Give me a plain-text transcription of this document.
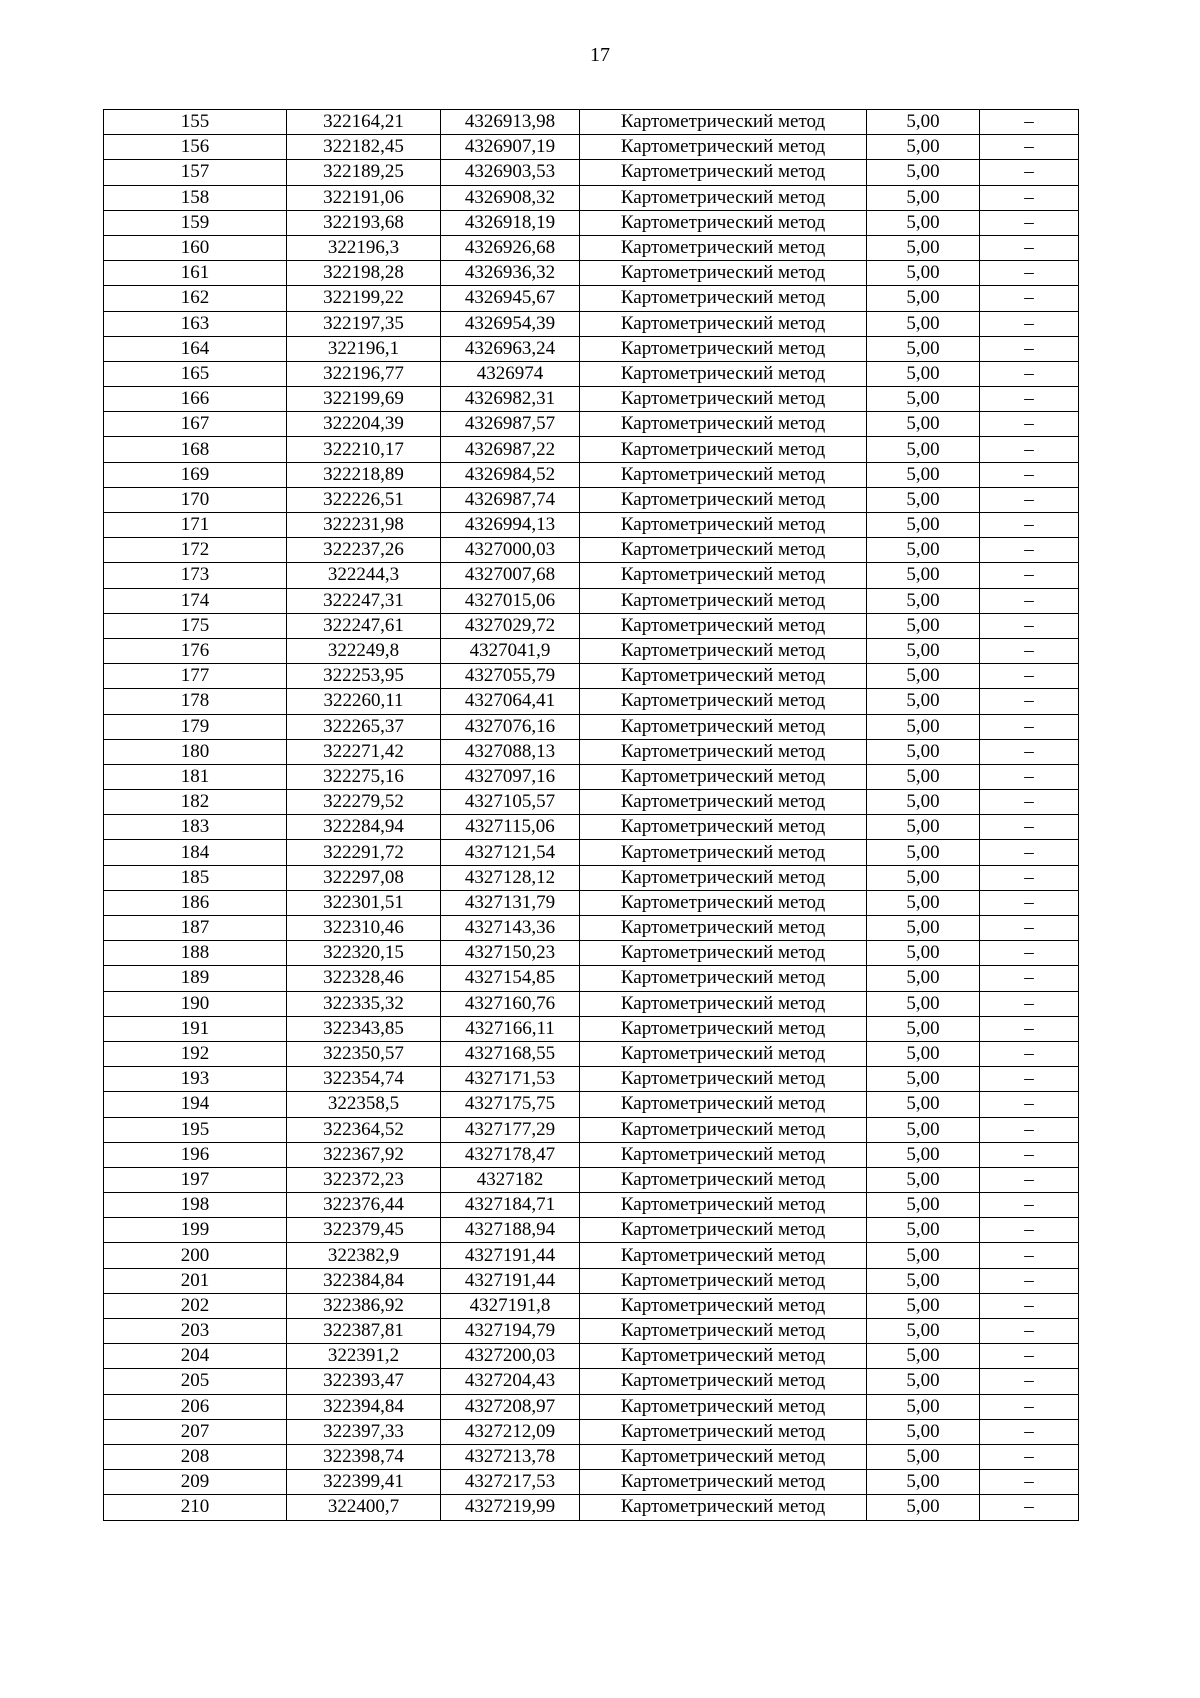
17
155	322164,21	4326913,98	Картометрический метод	5,00	–
156	322182,45	4326907,19	Картометрический метод	5,00	–
157	322189,25	4326903,53	Картометрический метод	5,00	–
158	322191,06	4326908,32	Картометрический метод	5,00	–
159	322193,68	4326918,19	Картометрический метод	5,00	–
160	322196,3	4326926,68	Картометрический метод	5,00	–
161	322198,28	4326936,32	Картометрический метод	5,00	–
162	322199,22	4326945,67	Картометрический метод	5,00	–
163	322197,35	4326954,39	Картометрический метод	5,00	–
164	322196,1	4326963,24	Картометрический метод	5,00	–
165	322196,77	4326974	Картометрический метод	5,00	–
166	322199,69	4326982,31	Картометрический метод	5,00	–
167	322204,39	4326987,57	Картометрический метод	5,00	–
168	322210,17	4326987,22	Картометрический метод	5,00	–
169	322218,89	4326984,52	Картометрический метод	5,00	–
170	322226,51	4326987,74	Картометрический метод	5,00	–
171	322231,98	4326994,13	Картометрический метод	5,00	–
172	322237,26	4327000,03	Картометрический метод	5,00	–
173	322244,3	4327007,68	Картометрический метод	5,00	–
174	322247,31	4327015,06	Картометрический метод	5,00	–
175	322247,61	4327029,72	Картометрический метод	5,00	–
176	322249,8	4327041,9	Картометрический метод	5,00	–
177	322253,95	4327055,79	Картометрический метод	5,00	–
178	322260,11	4327064,41	Картометрический метод	5,00	–
179	322265,37	4327076,16	Картометрический метод	5,00	–
180	322271,42	4327088,13	Картометрический метод	5,00	–
181	322275,16	4327097,16	Картометрический метод	5,00	–
182	322279,52	4327105,57	Картометрический метод	5,00	–
183	322284,94	4327115,06	Картометрический метод	5,00	–
184	322291,72	4327121,54	Картометрический метод	5,00	–
185	322297,08	4327128,12	Картометрический метод	5,00	–
186	322301,51	4327131,79	Картометрический метод	5,00	–
187	322310,46	4327143,36	Картометрический метод	5,00	–
188	322320,15	4327150,23	Картометрический метод	5,00	–
189	322328,46	4327154,85	Картометрический метод	5,00	–
190	322335,32	4327160,76	Картометрический метод	5,00	–
191	322343,85	4327166,11	Картометрический метод	5,00	–
192	322350,57	4327168,55	Картометрический метод	5,00	–
193	322354,74	4327171,53	Картометрический метод	5,00	–
194	322358,5	4327175,75	Картометрический метод	5,00	–
195	322364,52	4327177,29	Картометрический метод	5,00	–
196	322367,92	4327178,47	Картометрический метод	5,00	–
197	322372,23	4327182	Картометрический метод	5,00	–
198	322376,44	4327184,71	Картометрический метод	5,00	–
199	322379,45	4327188,94	Картометрический метод	5,00	–
200	322382,9	4327191,44	Картометрический метод	5,00	–
201	322384,84	4327191,44	Картометрический метод	5,00	–
202	322386,92	4327191,8	Картометрический метод	5,00	–
203	322387,81	4327194,79	Картометрический метод	5,00	–
204	322391,2	4327200,03	Картометрический метод	5,00	–
205	322393,47	4327204,43	Картометрический метод	5,00	–
206	322394,84	4327208,97	Картометрический метод	5,00	–
207	322397,33	4327212,09	Картометрический метод	5,00	–
208	322398,74	4327213,78	Картометрический метод	5,00	–
209	322399,41	4327217,53	Картометрический метод	5,00	–
210	322400,7	4327219,99	Картометрический метод	5,00	–
